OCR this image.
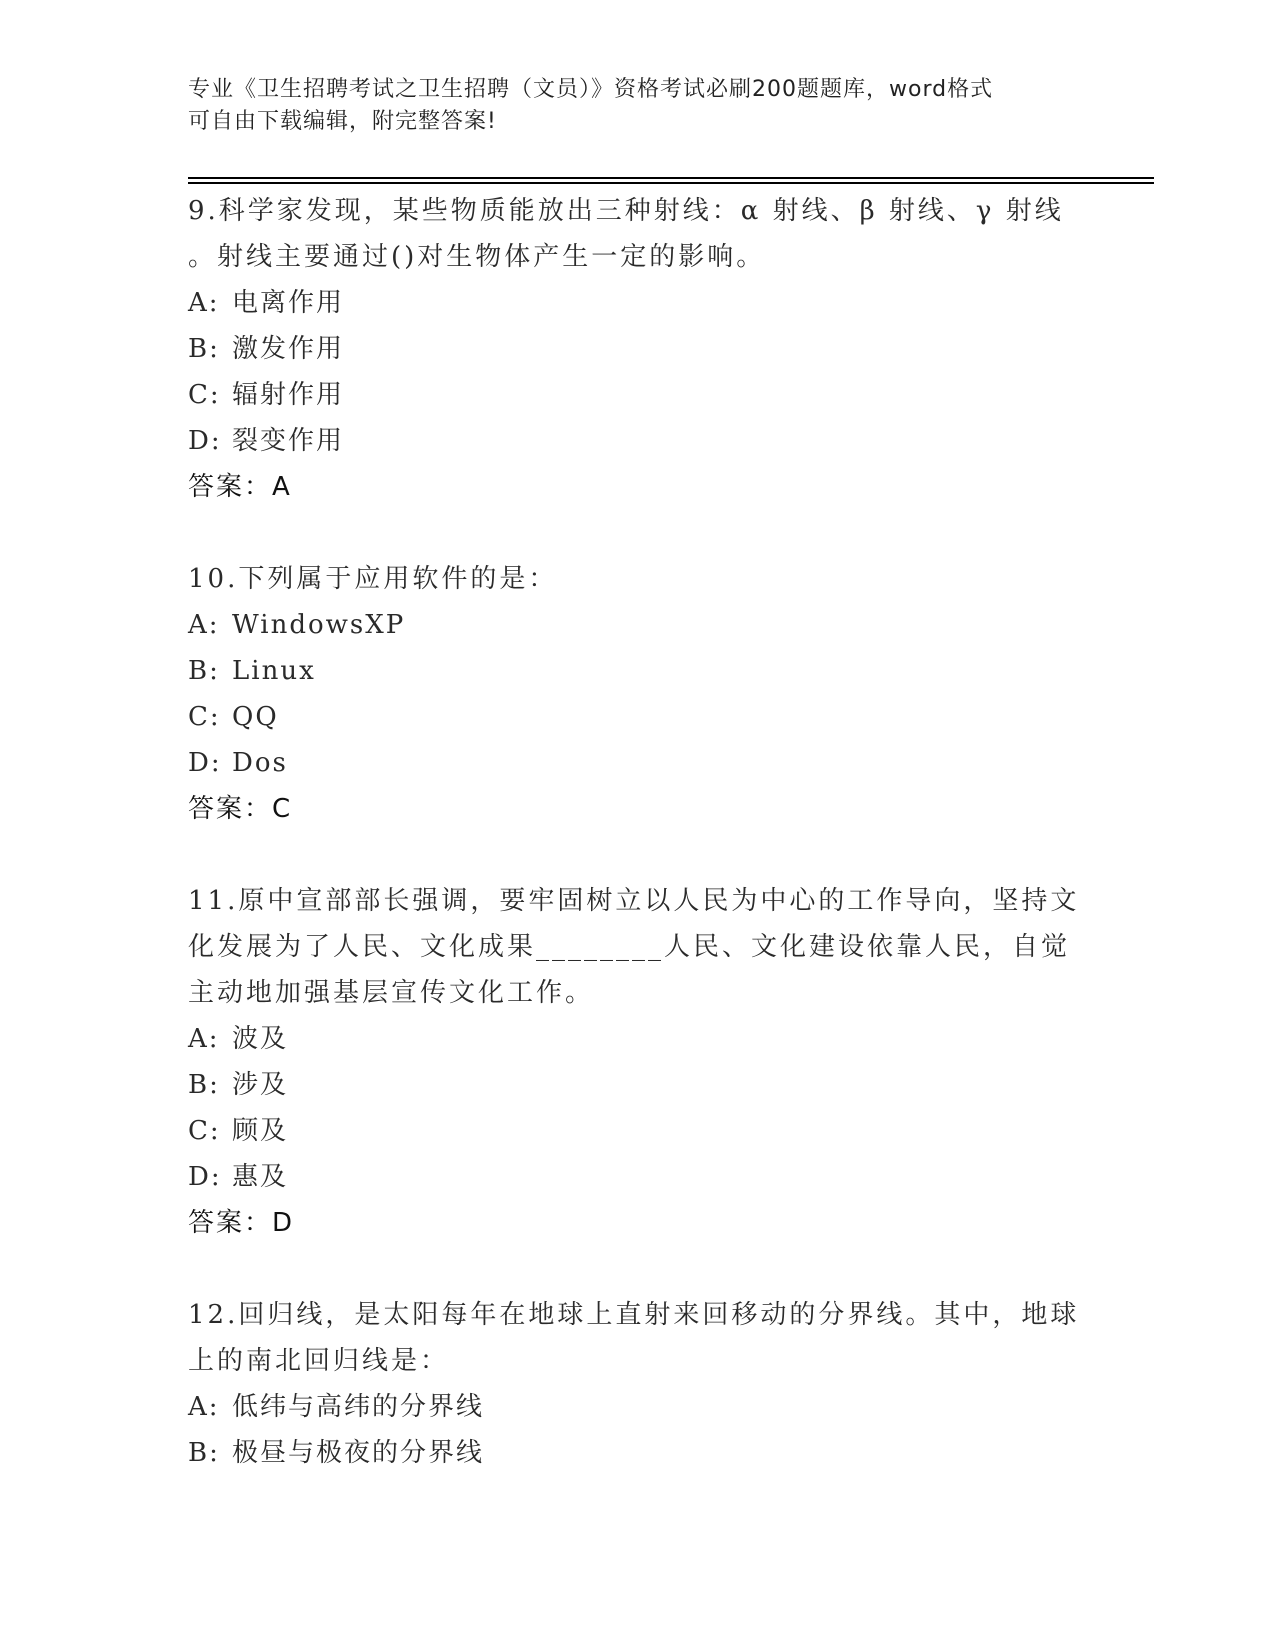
专业《卫生招聘考试之卫生招聘（文员）》资格考试必刷200题题库，word格式
可自由下载编辑，附完整答案!
9.科学家发现，某些物质能放出三种射线：α 射线、β 射线、γ 射线
。射线主要通过()对生物体产生一定的影响。
A: 电离作用
B: 激发作用
C: 辐射作用
D: 裂变作用
答案：A
10.下列属于应用软件的是：
A: WindowsXP
B: Linux
C: QQ
D: Dos
答案：C
11.原中宣部部长强调，要牢固树立以人民为中心的工作导向，坚持文
化发展为了人民、文化成果________人民、文化建设依靠人民，自觉
主动地加强基层宣传文化工作。
A: 波及
B: 涉及
C: 顾及
D: 惠及
答案：D
12.回归线，是太阳每年在地球上直射来回移动的分界线。其中，地球
上的南北回归线是：
A: 低纬与高纬的分界线
B: 极昼与极夜的分界线
